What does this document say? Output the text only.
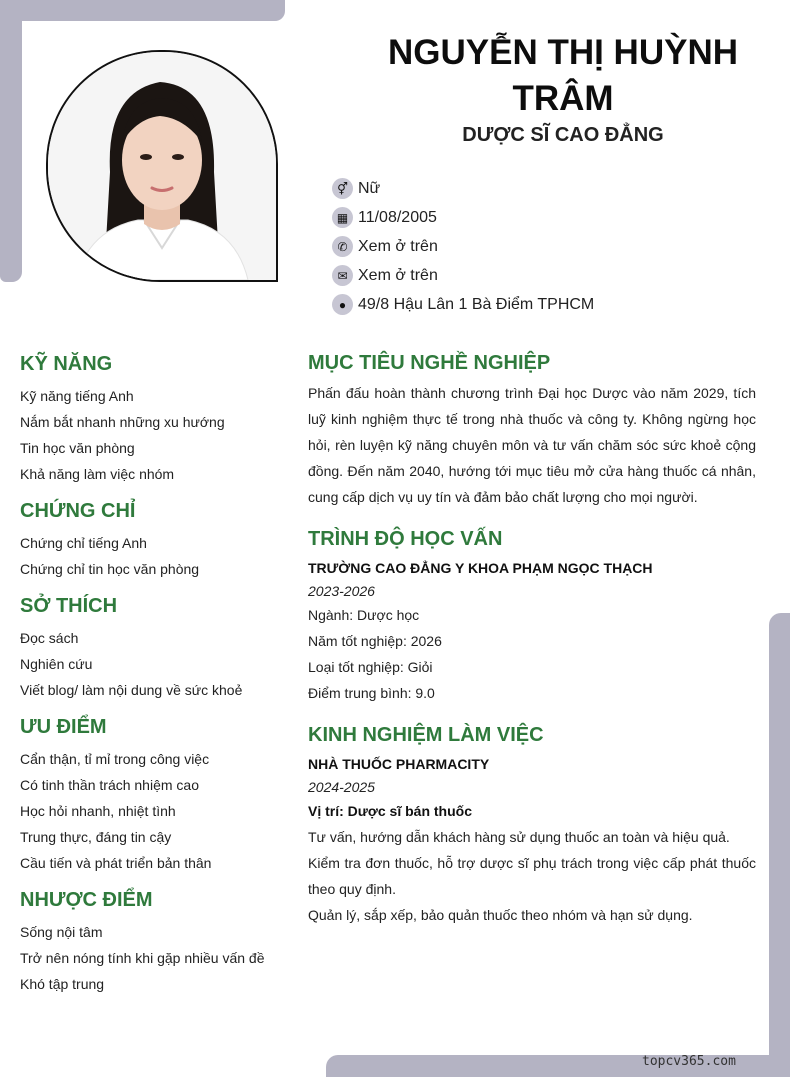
NGUYỄN THỊ HUỲNH TRÂM
DƯỢC SĨ CAO ĐẲNG
⚥ Nữ
▦ 11/08/2005
✆ Xem ở trên
✉ Xem ở trên
● 49/8 Hậu Lân 1 Bà Điểm TPHCM
KỸ NĂNG
Kỹ năng tiếng Anh
Nắm bắt nhanh những xu hướng
Tin học văn phòng
Khả năng làm việc nhóm
CHỨNG CHỈ
Chứng chỉ tiếng Anh
Chứng chỉ tin học văn phòng
SỞ THÍCH
Đọc sách
Nghiên cứu
Viết blog/ làm nội dung về sức khoẻ
ƯU ĐIỂM
Cẩn thận, tỉ mỉ trong công việc
Có tinh thần trách nhiệm cao
Học hỏi nhanh, nhiệt tình
Trung thực, đáng tin cậy
Cầu tiến và phát triển bản thân
NHƯỢC ĐIỂM
Sống nội tâm
Trở nên nóng tính khi gặp nhiều vấn đề
Khó tập trung
MỤC TIÊU NGHỀ NGHIỆP

Phấn đấu hoàn thành chương trình Đại học Dược vào năm 2029, tích luỹ kinh nghiệm thực tế trong nhà thuốc và công ty. Không ngừng học hỏi, rèn luyện kỹ năng chuyên môn và tư vấn chăm sóc sức khoẻ cộng đồng. Đến năm 2040, hướng tới mục tiêu mở cửa hàng thuốc cá nhân, cung cấp dịch vụ uy tín và đảm bảo chất lượng cho mọi người.

TRÌNH ĐỘ HỌC VẤN
TRƯỜNG CAO ĐẲNG Y KHOA PHẠM NGỌC THẠCH
2023-2026
Ngành: Dược học
Năm tốt nghiệp: 2026
Loại tốt nghiệp: Giỏi
Điểm trung bình: 9.0
KINH NGHIỆM LÀM VIỆC
NHÀ THUỐC PHARMACITY
2024-2025
Vị trí: Dược sĩ bán thuốc

Tư vấn, hướng dẫn khách hàng sử dụng thuốc an toàn và hiệu quả.

Kiểm tra đơn thuốc, hỗ trợ dược sĩ phụ trách trong việc cấp phát thuốc theo quy định.

Quản lý, sắp xếp, bảo quản thuốc theo nhóm và hạn sử dụng.

topcv365.com
